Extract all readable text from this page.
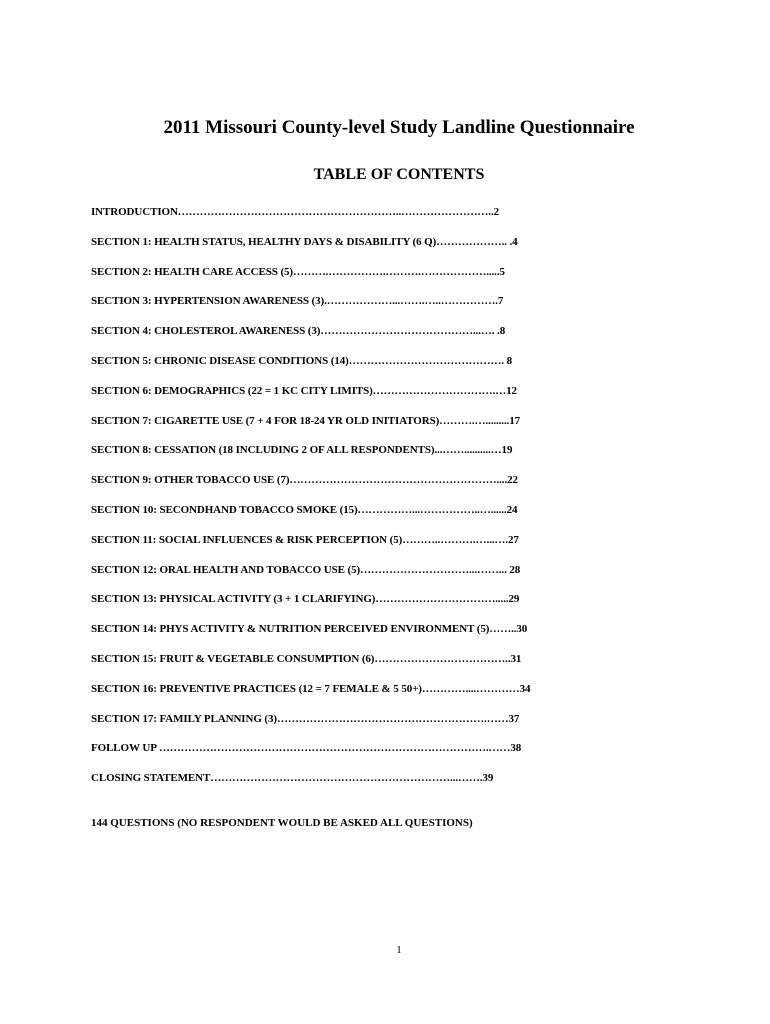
2011 Missouri County-level Study Landline Questionnaire
TABLE OF CONTENTS
INTRODUCTION……………………………………………………..……………………..2
SECTION 1: HEALTH STATUS, HEALTHY DAYS & DISABILITY (6 Q)……………….. .4
SECTION 2: HEALTH CARE ACCESS (5)……….…………….……….……………….....5
SECTION 3: HYPERTENSION AWARENESS (3).………………...…….…..…………….7
SECTION 4: CHOLESTEROL AWARENESS (3)……………………………………...…. .8
SECTION 5: CHRONIC DISEASE CONDITIONS (14)……………………………………. 8
SECTION 6: DEMOGRAPHICS (22 = 1 KC CITY LIMITS)…………………………….…12
SECTION 7: CIGARETTE USE (7 + 4 FOR 18-24 YR OLD INITIATORS)……….….........17
SECTION 8: CESSATION (18 INCLUDING 2 OF ALL RESPONDENTS)...……..........…19
SECTION 9: OTHER TOBACCO USE (7)…………………………………………………....22
SECTION 10: SECONDHAND TOBACCO SMOKE (15)……………...……………..…......24
SECTION 11: SOCIAL INFLUENCES & RISK PERCEPTION (5)………..……….…...….27
SECTION 12: ORAL HEALTH AND TOBACCO USE (5)…………………………...……... 28
SECTION 13: PHYSICAL ACTIVITY (3 + 1 CLARIFYING)…………………………….....29
SECTION 14: PHYS ACTIVITY & NUTRITION PERCEIVED ENVIRONMENT (5)……..30
SECTION 15: FRUIT & VEGETABLE CONSUMPTION (6)………………………………..31
SECTION 16: PREVENTIVE PRACTICES (12 = 7 FEMALE & 5 50+)…………....…………34
SECTION 17: FAMILY PLANNING (3)………………………………………………….……37
FOLLOW UP ……………………………………………………………………………….……38
CLOSING STATEMENT…………………………………………………………...…….39

144 QUESTIONS (NO RESPONDENT WOULD BE ASKED ALL QUESTIONS)

1
